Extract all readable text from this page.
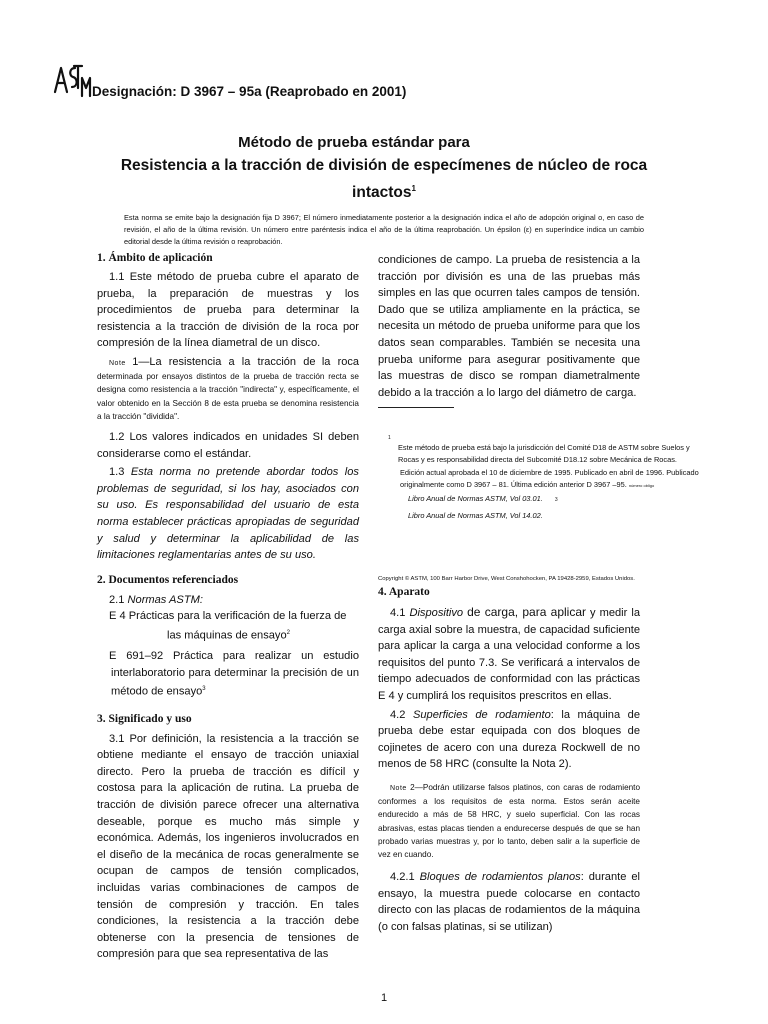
Designación: D 3967 – 95a (Reaprobado en 2001)
Método de prueba estándar para
Resistencia a la tracción de división de especímenes de núcleo de roca
intactos$^1$
Esta norma se emite bajo la designación fija D 3967; El número inmediatamente posterior a la designación indica el año de adopción original o, en caso de revisión, el año de la última revisión. Un número entre paréntesis indica el año de la última reaprobación. Un épsilon (ε) en superíndice indica un cambio editorial desde la última revisión o reaprobación.

1. Ámbito de aplicación

1.1 Este método de prueba cubre el aparato de prueba, la preparación de muestras y los procedimientos de prueba para determinar la resistencia a la tracción de división de la roca por compresión de la línea diametral de un disco.

Note 1—La resistencia a la tracción de la roca determinada por ensayos distintos de la prueba de tracción recta se designa como resistencia a la tracción "indirecta" y, específicamente, el valor obtenido en la Sección 8 de esta prueba se denomina resistencia a la tracción "dividida".

1.2 Los valores indicados en unidades SI deben considerarse como el estándar.

1.3 Esta norma no pretende abordar todos los problemas de seguridad, si los hay, asociados con su uso. Es responsabilidad del usuario de esta norma establecer prácticas apropiadas de seguridad y salud y determinar la aplicabilidad de las limitaciones reglamentarias antes de su uso.

2. Documentos referenciados

2.1 Normas ASTM:

E 4 Prácticas para la verificación de la fuerza de

las máquinas de ensayo$^2$

E 691–92 Práctica para realizar un estudio interlaboratorio para determinar la precisión de un método de ensayo$^3$

3. Significado y uso

3.1 Por definición, la resistencia a la tracción se obtiene mediante el ensayo de tracción uniaxial directo. Pero la prueba de tracción es difícil y costosa para la aplicación de rutina. La prueba de tracción de división parece ofrecer una alternativa deseable, porque es mucho más simple y económica. Además, los ingenieros involucrados en el diseño de la mecánica de rocas generalmente se ocupan de campos de tensión complicados, incluidas varias combinaciones de campos de tensión de compresión y tracción. En tales condiciones, la resistencia a la tracción debe obtenerse con la presencia de tensiones de compresión para que sea representativa de las

condiciones de campo. La prueba de resistencia a la tracción por división es una de las pruebas más simples en las que ocurren tales campos de tensión. Dado que se utiliza ampliamente en la práctica, se necesita un método de prueba uniforme para que los datos sean comparables. También se necesita una prueba uniforme para asegurar positivamente que las muestras de disco se rompan diametralmente debido a la tracción a lo largo del diámetro de carga.

1

Este método de prueba está bajo la jurisdicción del Comité D18 de ASTM sobre Suelos y Rocas y es responsabilidad directa del Subcomité D18.12 sobre Mecánica de Rocas.

Edición actual aprobada el 10 de diciembre de 1995. Publicado en abril de 1996. Publicado originalmente como D 3967 – 81. Última edición anterior D 3967 –95. número obligo

Libro Anual de Normas ASTM, Vol 03.01. 3

Libro Anual de Normas ASTM, Vol 14.02.

Copyright © ASTM, 100 Barr Harbor Drive, West Conshohocken, PA 19428-2959, Estados Unidos.

4. Aparato

4.1 Dispositivo de carga, para aplicar y medir la carga axial sobre la muestra, de capacidad suficiente para aplicar la carga a una velocidad conforme a los requisitos del punto 7.3. Se verificará a intervalos de tiempo adecuados de conformidad con las prácticas E 4 y cumplirá los requisitos prescritos en ellas.

4.2 Superficies de rodamiento: la máquina de prueba debe estar equipada con dos bloques de cojinetes de acero con una dureza Rockwell de no menos de 58 HRC (consulte la Nota 2).

Note 2—Podrán utilizarse falsos platinos, con caras de rodamiento conformes a los requisitos de esta norma. Estos serán aceite endurecido a más de 58 HRC, y suelo superficial. Con las rocas abrasivas, estas placas tienden a endurecerse después de que se han probado varias muestras y, por lo tanto, deben salir a la superficie de vez en cuando.

4.2.1 Bloques de rodamientos planos: durante el ensayo, la muestra puede colocarse en contacto directo con las placas de rodamientos de la máquina (o con falsas platinas, si se utilizan)

1
